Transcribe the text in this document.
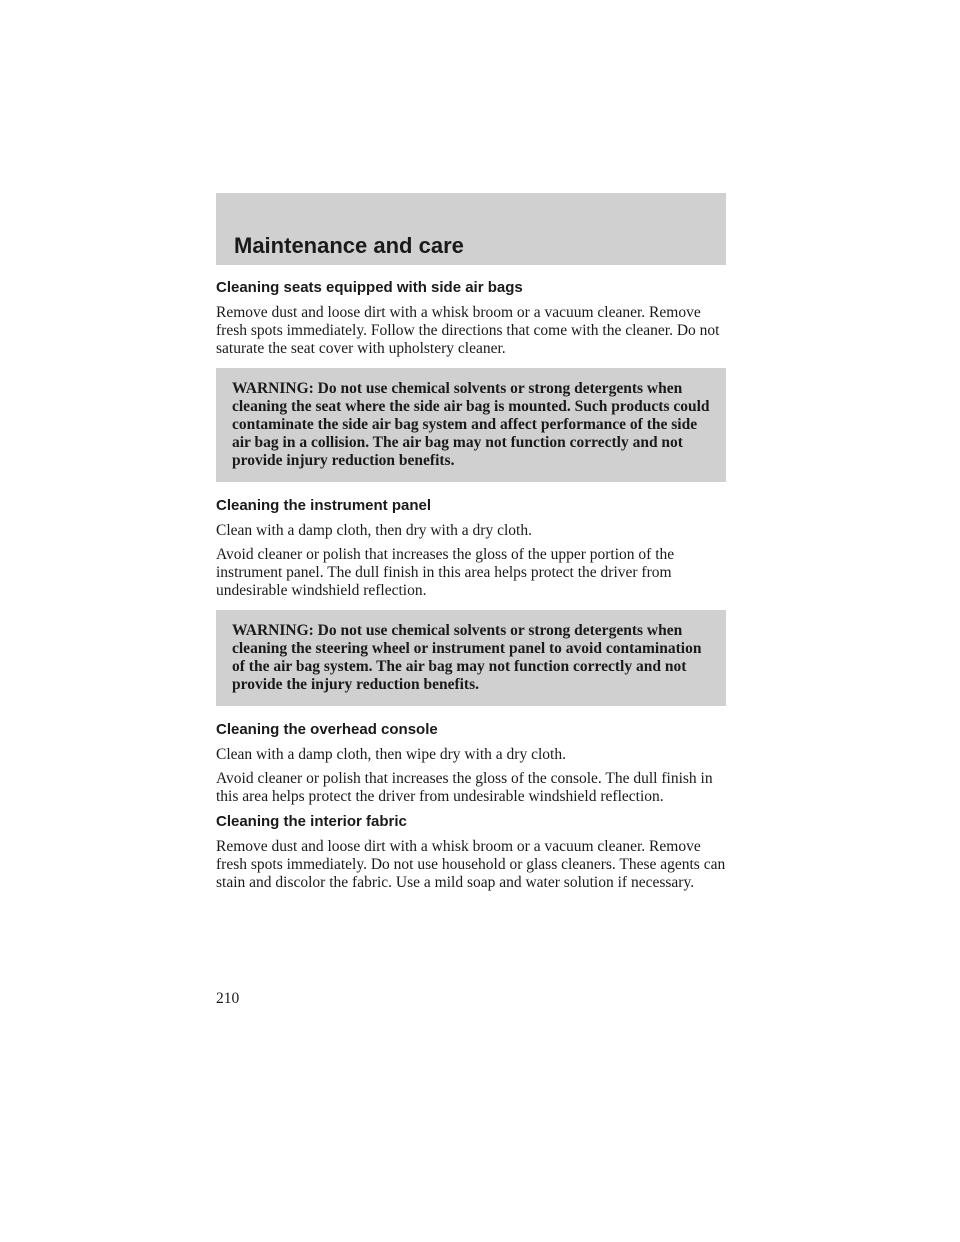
Maintenance and care
Cleaning seats equipped with side air bags

Remove dust and loose dirt with a whisk broom or a vacuum cleaner. Remove fresh spots immediately. Follow the directions that come with the cleaner. Do not saturate the seat cover with upholstery cleaner.

WARNING: Do not use chemical solvents or strong detergents when cleaning the seat where the side air bag is mounted. Such products could contaminate the side air bag system and affect performance of the side air bag in a collision. The air bag may not function correctly and not provide injury reduction benefits.

Cleaning the instrument panel

Clean with a damp cloth, then dry with a dry cloth.

Avoid cleaner or polish that increases the gloss of the upper portion of the instrument panel. The dull finish in this area helps protect the driver from undesirable windshield reflection.

WARNING: Do not use chemical solvents or strong detergents when cleaning the steering wheel or instrument panel to avoid contamination of the air bag system. The air bag may not function correctly and not provide the injury reduction benefits.

Cleaning the overhead console

Clean with a damp cloth, then wipe dry with a dry cloth.

Avoid cleaner or polish that increases the gloss of the console. The dull finish in this area helps protect the driver from undesirable windshield reflection.

Cleaning the interior fabric

Remove dust and loose dirt with a whisk broom or a vacuum cleaner. Remove fresh spots immediately. Do not use household or glass cleaners. These agents can stain and discolor the fabric. Use a mild soap and water solution if necessary.

210
